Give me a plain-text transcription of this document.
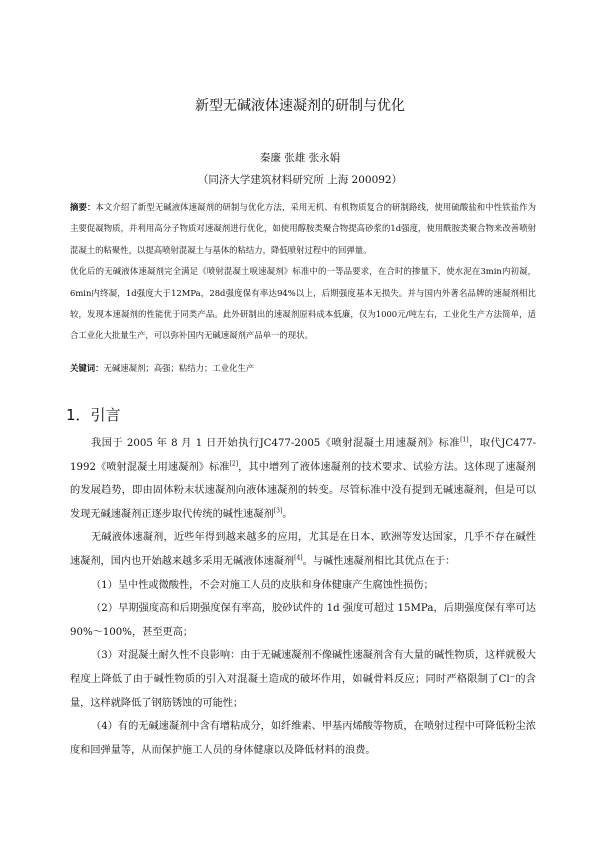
新型无碱液体速凝剂的研制与优化
秦廉 张雄 张永娟
（同济大学建筑材料研究所 上海 200092）

摘要：本文介绍了新型无碱液体速凝剂的研制与优化方法，采用无机、有机物质复合的研制路线，使用硫酸盐和中性铁盐作为主要促凝物质，并利用高分子物质对速凝剂进行优化，如使用醇胺类聚合物提高砂浆的1d强度，使用酰胺类聚合物来改善喷射混凝土的粘聚性，以提高喷射混凝土与基体的粘结力，降低喷射过程中的回弹量。

优化后的无碱液体速凝剂完全满足《喷射混凝土唳速凝剂》标准中的一等品要求，在合时的掺量下，使水泥在3min内初凝，6min内终凝，1d强度大于12MPa，28d强度保有率达94%以上，后期强度基本无损失。并与国内外著名品牌的速凝剂相比较，发现本速凝剂的性能优于同类产品。此外研制出的速凝剂原料成本低廉，仅为1000元/吨左右，工业化生产方法简单，适合工业化大批量生产，可以弥补国内无碱速凝剂产品单一的现状。

关键词：无碱速凝剂；高强；粘结力；工业化生产
1．引言

我国于 2005 年 8 月 1 日开始执行JC477-2005《喷射混凝土用速凝剂》标准[1]，取代JC477-1992《喷射混凝土用速凝剂》标准[2]，其中增列了液体速凝剂的技术要求、试验方法。这体现了速凝剂的发展趋势，即由固体粉末状速凝剂向液体速凝剂的转变。尽管标准中没有提到无碱速凝剂，但是可以发现无碱速凝剂正逐步取代传统的碱性速凝剂[3]。

无碱液体速凝剂，近些年得到越来越多的应用，尤其是在日本、欧洲等发达国家，几乎不存在碱性速凝剂，国内也开始越来越多采用无碱液体速凝剂[4]。与碱性速凝剂相比其优点在于：

（1）呈中性或微酸性，不会对施工人员的皮肤和身体健康产生腐蚀性损伤；

（2）早期强度高和后期强度保有率高，胶砂试件的 1d 强度可超过 15MPa，后期强度保有率可达 90%～100%，甚至更高；

（3）对混凝土耐久性不良影响：由于无碱速凝剂不像碱性速凝剂含有大量的碱性物质，这样就极大程度上降低了由于碱性物质的引入对混凝土造成的破坏作用，如碱骨料反应；同时严格限制了Cl⁻的含量，这样就降低了钢筋锈蚀的可能性；

（4）有的无碱速凝剂中含有增粘成分，如纤维素、甲基丙烯酸等物质，在喷射过程中可降低粉尘浓度和回弹量等，从而保护施工人员的身体健康以及降低材料的浪费。
